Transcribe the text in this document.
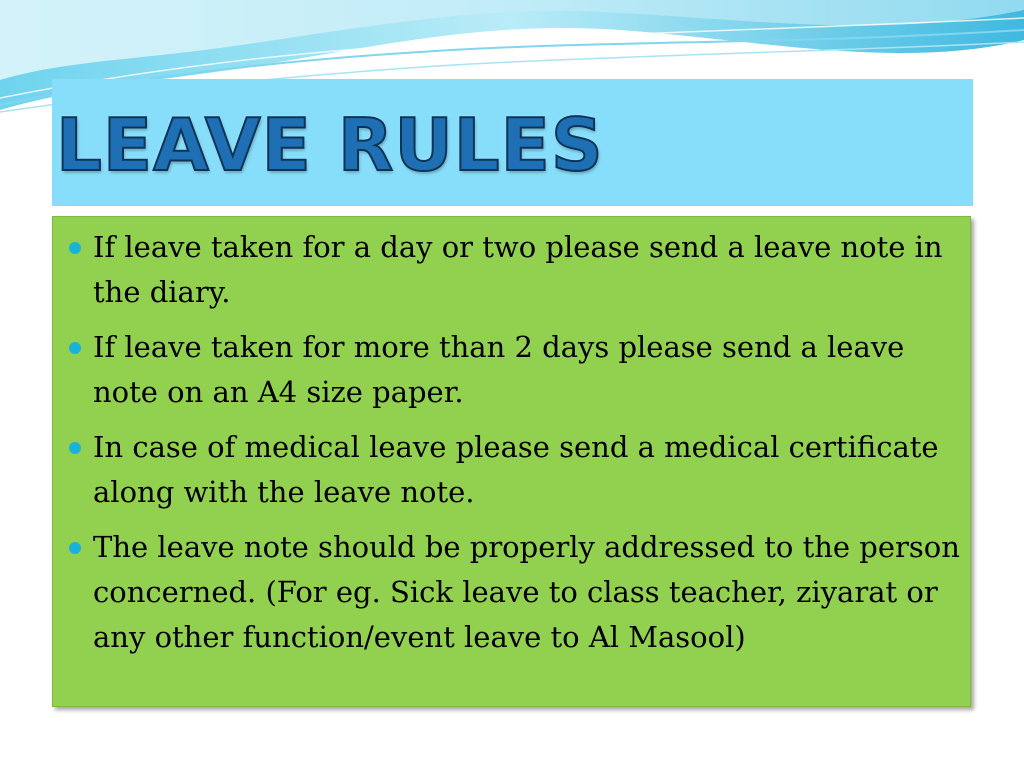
LEAVE RULES
If leave taken for a day or two please send a leave note in the diary.
If leave taken for more than 2 days please send a leave note on an A4 size paper.
In case of medical leave please send a medical certificate along with the leave note.
The leave note should be properly addressed to the person concerned. (For eg. Sick leave to class teacher, ziyarat or any other function/event leave to Al Masool)
